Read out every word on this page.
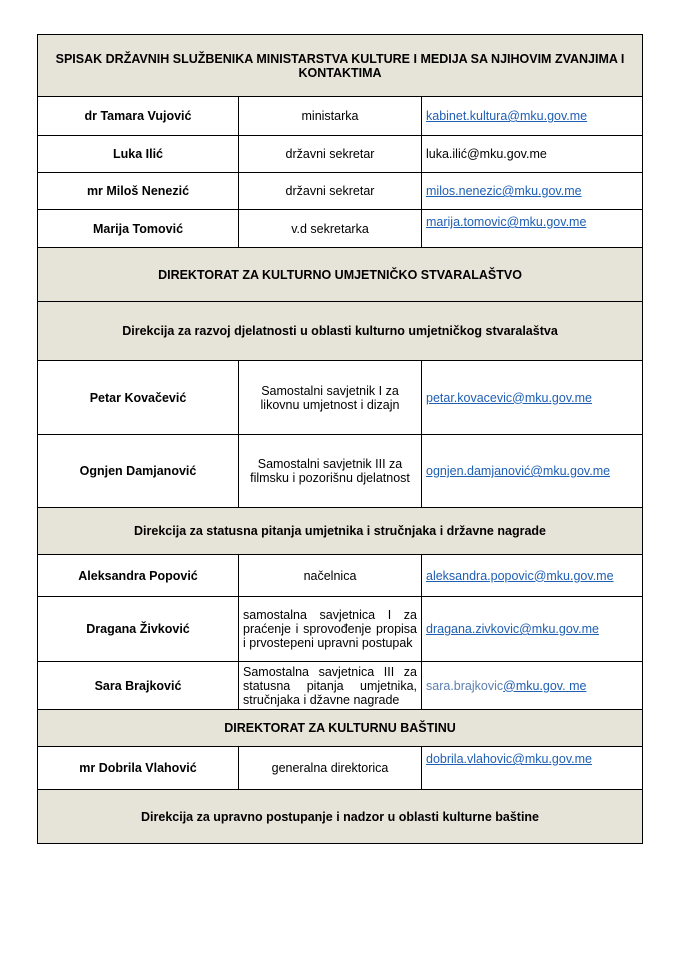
SPISAK DRŽAVNIH SLUŽBENIKA MINISTARSTVA KULTURE I MEDIJA SA NJIHOVIM ZVANJIMA I KONTAKTIMA		
dr Tamara Vujović	ministarka	kabinet.kultura@mku.gov.me
Luka Ilić	državni sekretar	luka.ilić@mku.gov.me
mr Miloš Nenezić	državni sekretar	milos.nenezic@mku.gov.me
Marija Tomović	v.d sekretarka	marija.tomovic@mku.gov.me
DIREKTORAT ZA KULTURNO UMJETNIČKO STVARALAŠTVO		
Direkcija za razvoj djelatnosti u oblasti kulturno umjetničkog stvaralaštva		
Petar Kovačević	Samostalni savjetnik I za likovnu umjetnost i dizajn	petar.kovacevic@mku.gov.me
Ognjen Damjanović	Samostalni savjetnik III za filmsku i pozorišnu djelatnost	ognjen.damjanović@mku.gov.me
Direkcija za statusna pitanja umjetnika i stručnjaka i državne nagrade		
Aleksandra Popović	načelnica	aleksandra.popovic@mku.gov.me
Dragana Živković	samostalna savjetnica I za praćenje i sprovođenje propisa i prvostepeni upravni postupak	dragana.zivkovic@mku.gov.me
Sara Brajković	Samostalna savjetnica III za statusna pitanja umjetnika, stručnjaka i džavne nagrade	sara.brajkovic@mku.gov. me
DIREKTORAT ZA KULTURNU BAŠTINU		
mr Dobrila Vlahović	generalna direktorica	dobrila.vlahovic@mku.gov.me
Direkcija za upravno postupanje i nadzor u oblasti kulturne baštine		
